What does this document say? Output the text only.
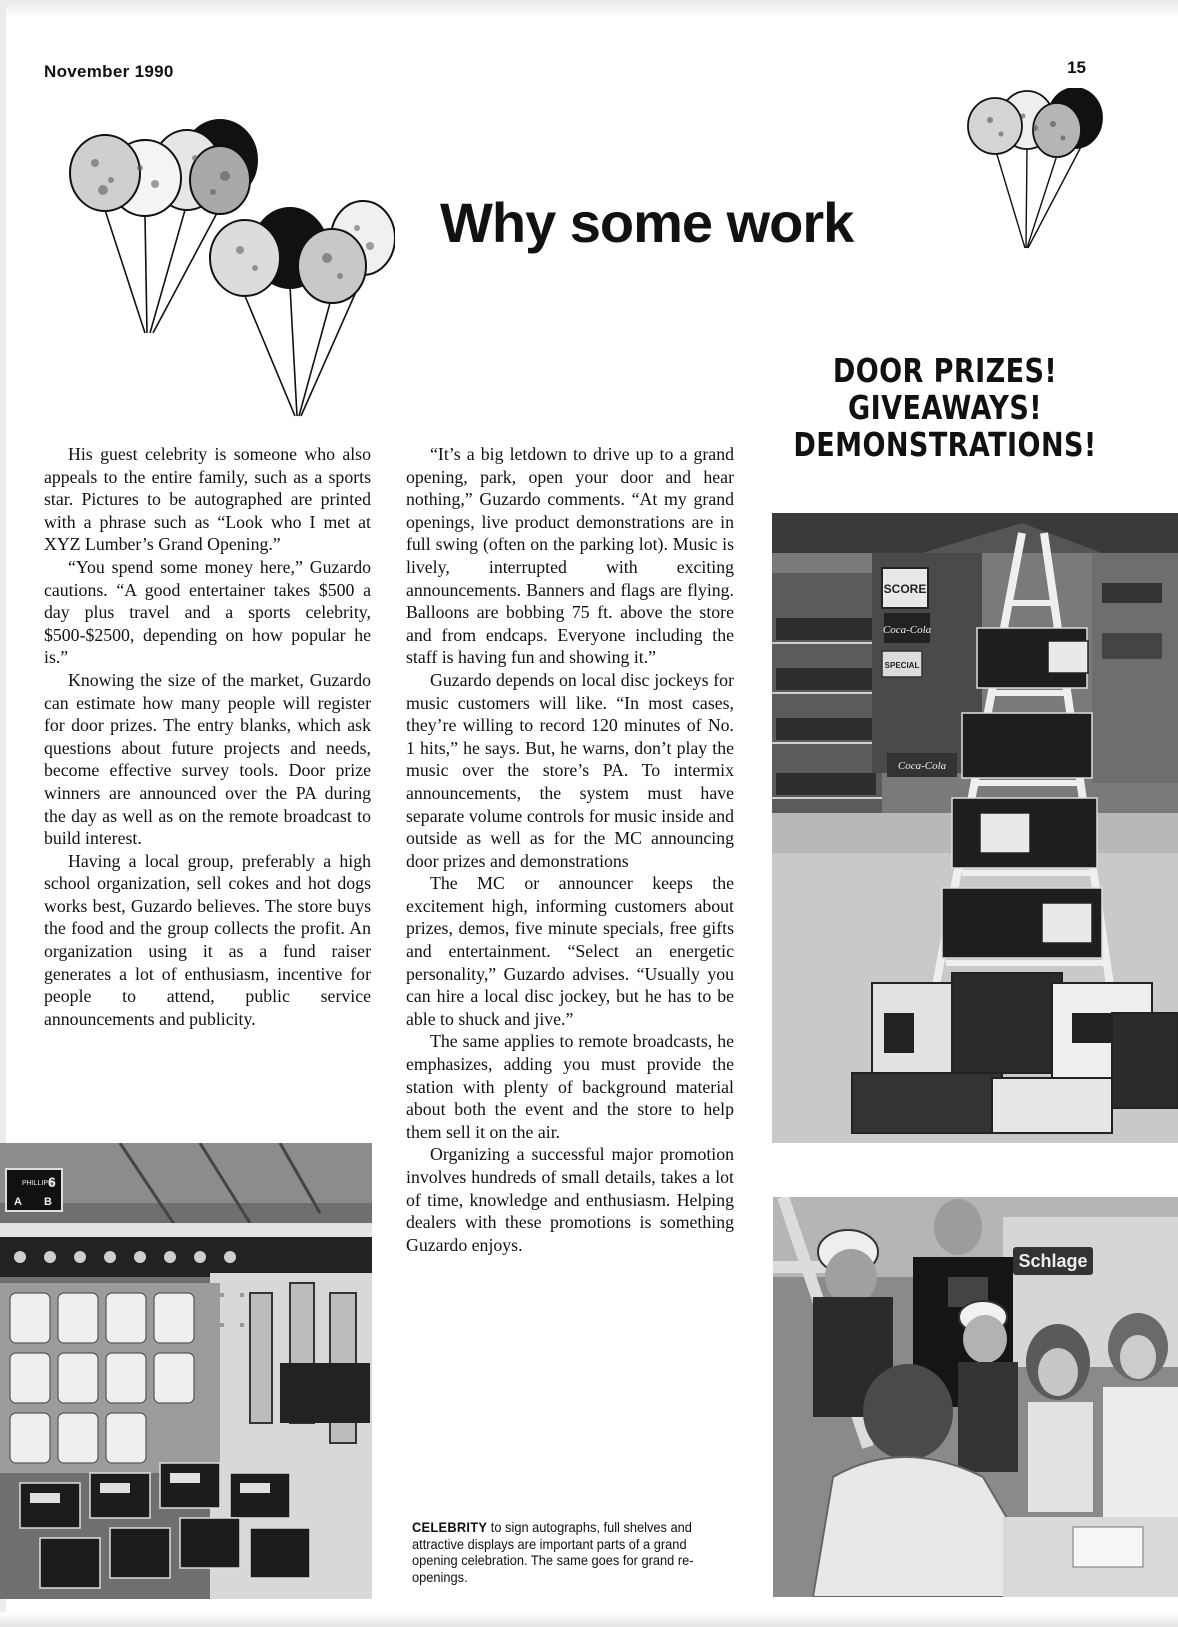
November 1990	15
Why some work
DOOR PRIZES!
GIVEAWAYS!
DEMONSTRATIONS!

His guest celebrity is someone who also appeals to the entire family, such as a sports star. Pictures to be autographed are printed with a phrase such as “Look who I met at XYZ Lumber’s Grand Opening.”

“You spend some money here,” Guzardo cautions. “A good entertainer takes $500 a day plus travel and a sports celebrity, $500-$2500, depending on how popular he is.”

Knowing the size of the market, Guzardo can estimate how many people will register for door prizes. The entry blanks, which ask questions about future projects and needs, become effective survey tools. Door prize winners are announced over the PA during the day as well as on the remote broadcast to build interest.

Having a local group, preferably a high school organization, sell cokes and hot dogs works best, Guzardo believes. The store buys the food and the group collects the profit. An organization using it as a fund raiser generates a lot of enthusiasm, incentive for people to attend, public service announcements and publicity.

“It’s a big letdown to drive up to a grand opening, park, open your door and hear nothing,” Guzardo comments. “At my grand openings, live product demonstrations are in full swing (often on the parking lot). Music is lively, interrupted with exciting announcements. Banners and flags are flying. Balloons are bobbing 75 ft. above the store and from endcaps. Everyone including the staff is having fun and showing it.”

Guzardo depends on local disc jockeys for music customers will like. “In most cases, they’re willing to record 120 minutes of No. 1 hits,” he says. But, he warns, don’t play the music over the store’s PA. To intermix announcements, the system must have separate volume controls for music inside and outside as well as for the MC announcing door prizes and demonstrations

The MC or announcer keeps the excitement high, informing customers about prizes, demos, five minute specials, free gifts and entertainment. “Select an energetic personality,” Guzardo advises. “Usually you can hire a local disc jockey, but he has to be able to shuck and jive.”

The same applies to remote broadcasts, he emphasizes, adding you must provide the station with plenty of background material about both the event and the store to help them sell it on the air.

Organizing a successful major promotion involves hundreds of small details, takes a lot of time, knowledge and enthusiasm. Helping dealers with these promotions is something Guzardo enjoys.

SCORE
Coca-Cola
SPECIAL
Coca-Cola
PHILLIPS
6
A B
Schlage
CELEBRITY to sign autographs, full shelves and attractive displays are important parts of a grand opening celebration. The same goes for grand re-openings.
